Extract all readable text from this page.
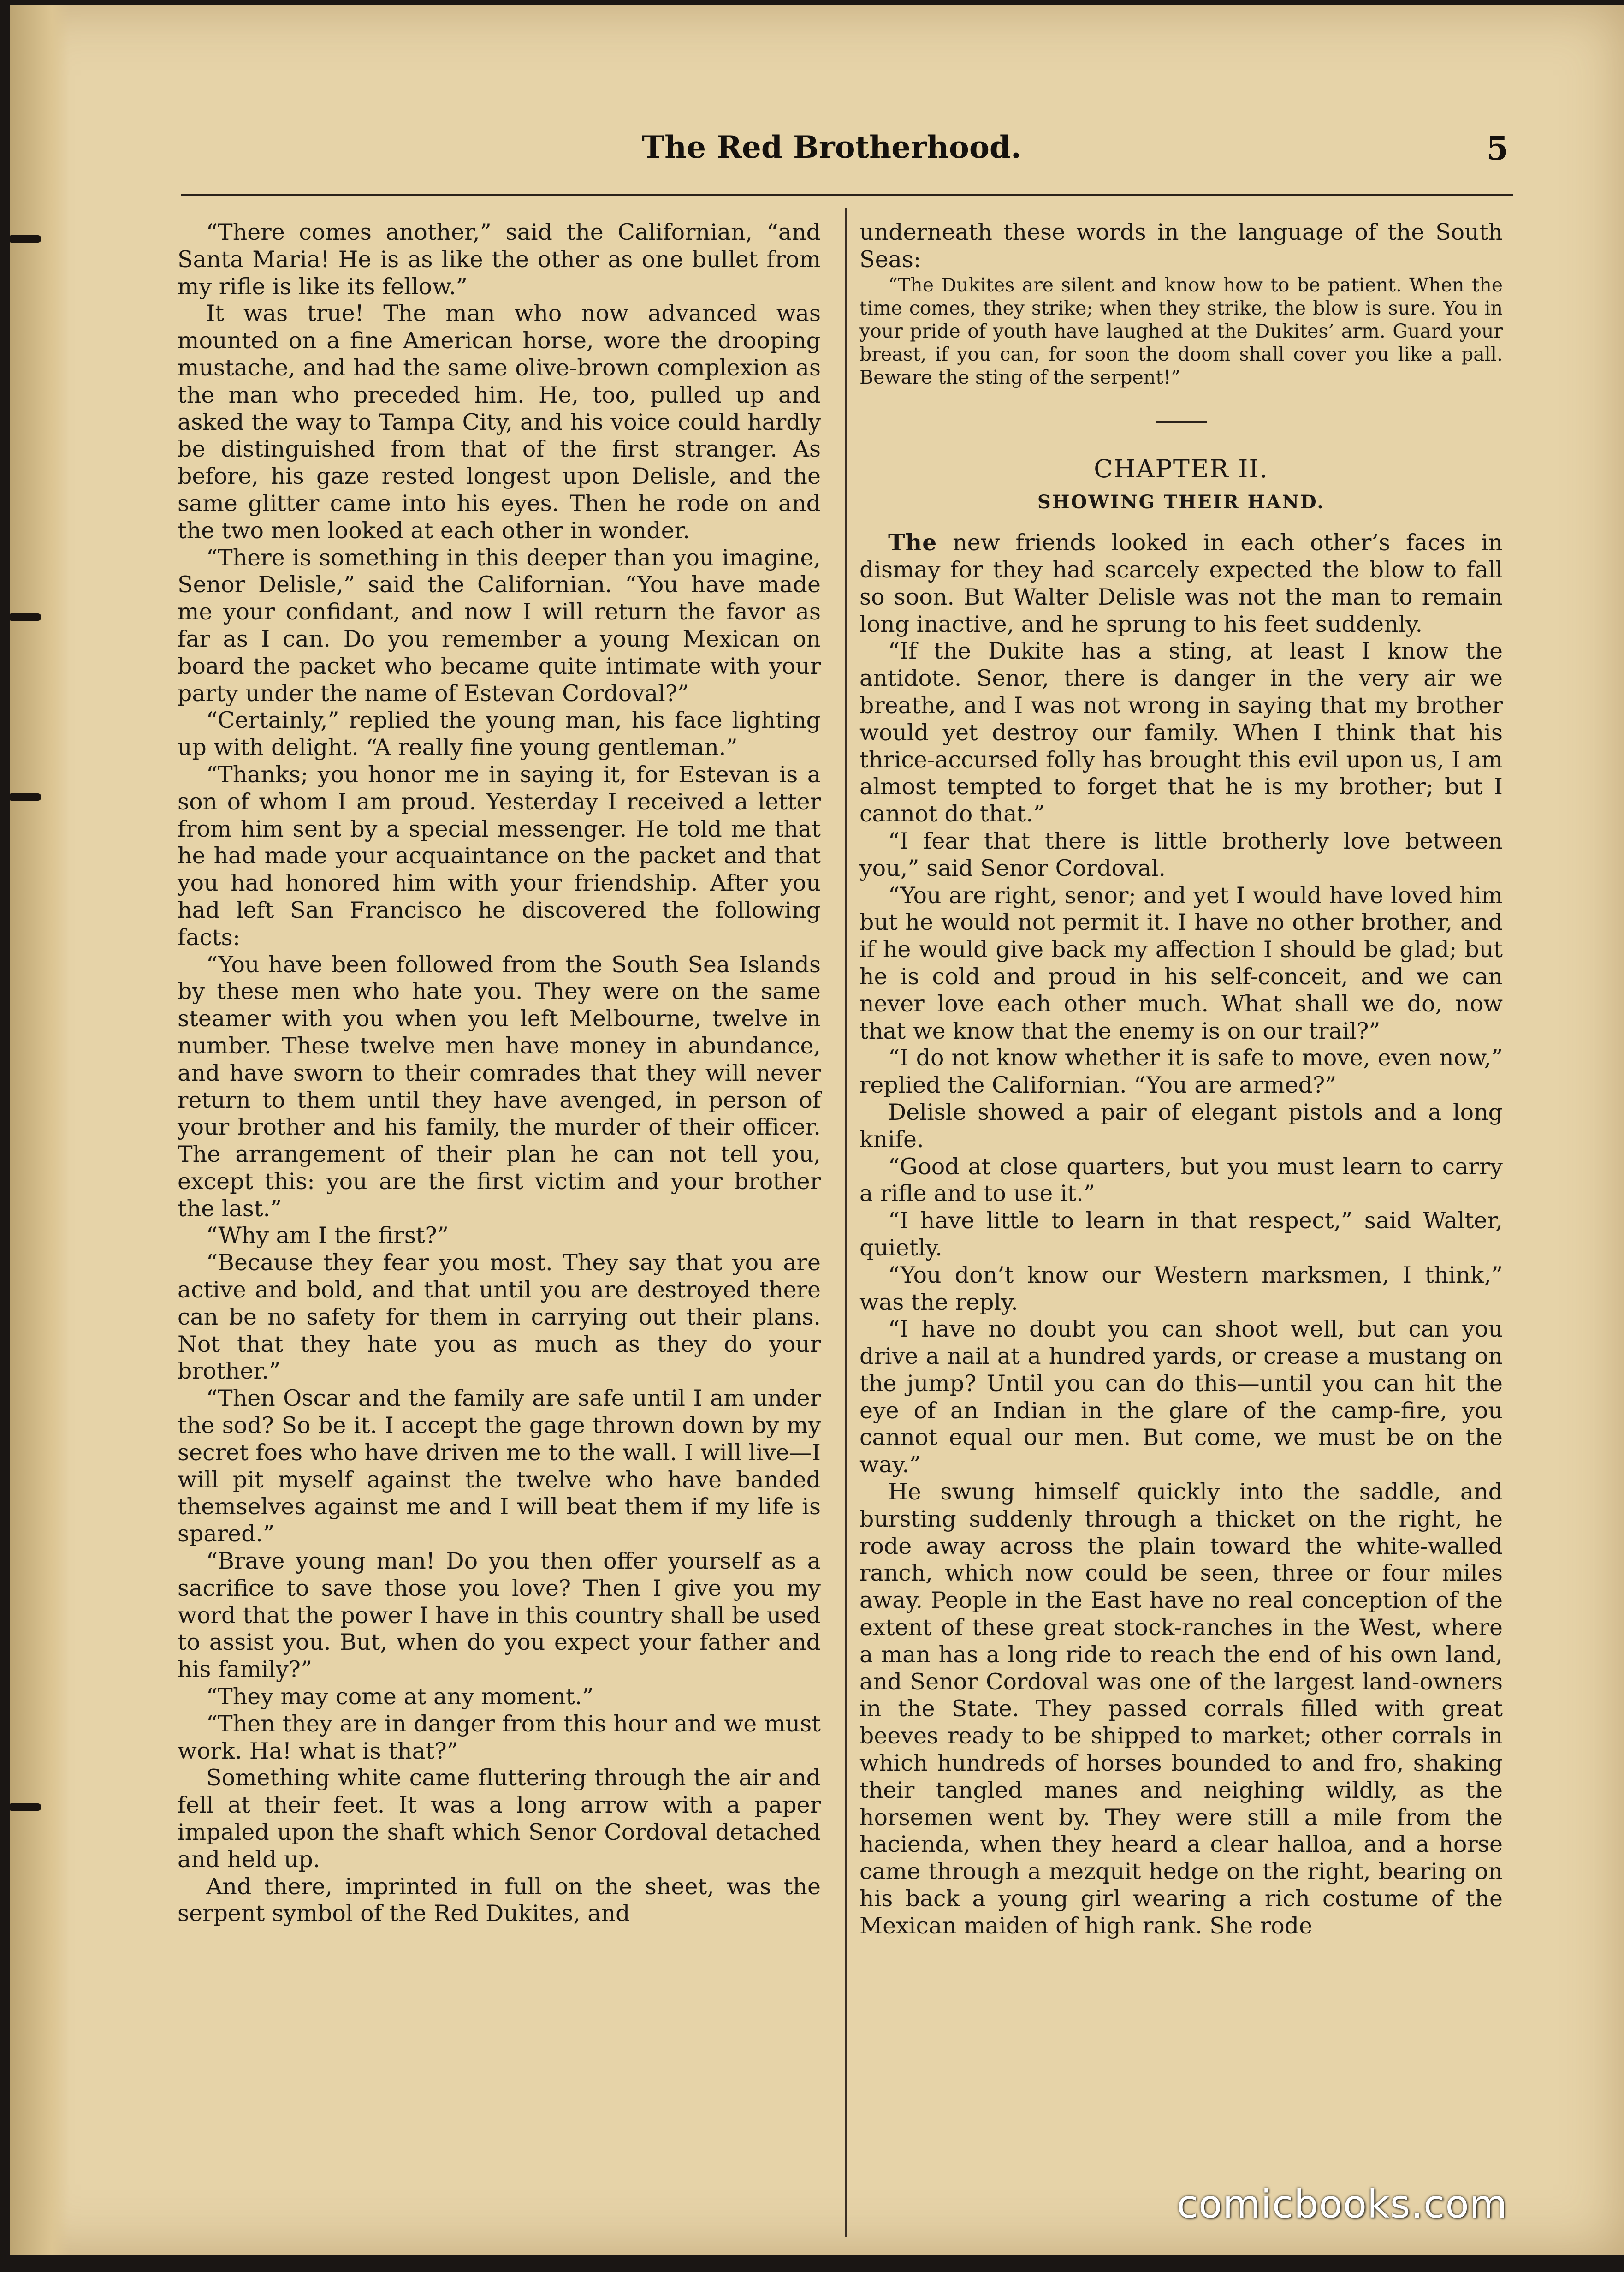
The Red Brotherhood.	5

“There comes another,” said the Californian, “and Santa Maria! He is as like the other as one bullet from my rifle is like its fellow.”

It was true! The man who now advanced was mounted on a fine American horse, wore the drooping mustache, and had the same olive-brown complexion as the man who preceded him. He, too, pulled up and asked the way to Tampa City, and his voice could hardly be distinguished from that of the first stranger. As before, his gaze rested longest upon Delisle, and the same glitter came into his eyes. Then he rode on and the two men looked at each other in wonder.

“There is something in this deeper than you imagine, Senor Delisle,” said the Californian. “You have made me your confidant, and now I will return the favor as far as I can. Do you remember a young Mexican on board the packet who became quite intimate with your party under the name of Estevan Cordoval?”

“Certainly,” replied the young man, his face lighting up with delight. “A really fine young gentleman.”

“Thanks; you honor me in saying it, for Estevan is a son of whom I am proud. Yesterday I received a letter from him sent by a special messenger. He told me that he had made your acquaintance on the packet and that you had honored him with your friendship. After you had left San Francisco he discovered the following facts:

“You have been followed from the South Sea Islands by these men who hate you. They were on the same steamer with you when you left Melbourne, twelve in number. These twelve men have money in abundance, and have sworn to their comrades that they will never return to them until they have avenged, in person of your brother and his family, the murder of their officer. The arrangement of their plan he can not tell you, except this: you are the first victim and your brother the last.”

“Why am I the first?”

“Because they fear you most. They say that you are active and bold, and that until you are destroyed there can be no safety for them in carrying out their plans. Not that they hate you as much as they do your brother.”

“Then Oscar and the family are safe until I am under the sod? So be it. I accept the gage thrown down by my secret foes who have driven me to the wall. I will live—I will pit myself against the twelve who have banded themselves against me and I will beat them if my life is spared.”

“Brave young man! Do you then offer yourself as a sacrifice to save those you love? Then I give you my word that the power I have in this country shall be used to assist you. But, when do you expect your father and his family?”

“They may come at any moment.”

“Then they are in danger from this hour and we must work. Ha! what is that?”

Something white came fluttering through the air and fell at their feet. It was a long arrow with a paper impaled upon the shaft which Senor Cordoval detached and held up.

And there, imprinted in full on the sheet, was the serpent symbol of the Red Dukites, and

underneath these words in the language of the South Seas:

“The Dukites are silent and know how to be patient. When the time comes, they strike; when they strike, the blow is sure. You in your pride of youth have laughed at the Dukites’ arm. Guard your breast, if you can, for soon the doom shall cover you like a pall. Beware the sting of the serpent!”

CHAPTER II.
SHOWING THEIR HAND.

The new friends looked in each other’s faces in dismay for they had scarcely expected the blow to fall so soon. But Walter Delisle was not the man to remain long inactive, and he sprung to his feet suddenly.

“If the Dukite has a sting, at least I know the antidote. Senor, there is danger in the very air we breathe, and I was not wrong in saying that my brother would yet destroy our family. When I think that his thrice-accursed folly has brought this evil upon us, I am almost tempted to forget that he is my brother; but I cannot do that.”

“I fear that there is little brotherly love between you,” said Senor Cordoval.

“You are right, senor; and yet I would have loved him but he would not permit it. I have no other brother, and if he would give back my affection I should be glad; but he is cold and proud in his self-conceit, and we can never love each other much. What shall we do, now that we know that the enemy is on our trail?”

“I do not know whether it is safe to move, even now,” replied the Californian. “You are armed?”

Delisle showed a pair of elegant pistols and a long knife.

“Good at close quarters, but you must learn to carry a rifle and to use it.”

“I have little to learn in that respect,” said Walter, quietly.

“You don’t know our Western marksmen, I think,” was the reply.

“I have no doubt you can shoot well, but can you drive a nail at a hundred yards, or crease a mustang on the jump? Until you can do this—until you can hit the eye of an Indian in the glare of the camp-fire, you cannot equal our men. But come, we must be on the way.”

He swung himself quickly into the saddle, and bursting suddenly through a thicket on the right, he rode away across the plain toward the white-walled ranch, which now could be seen, three or four miles away. People in the East have no real conception of the extent of these great stock-ranches in the West, where a man has a long ride to reach the end of his own land, and Senor Cordoval was one of the largest land-owners in the State. They passed corrals filled with great beeves ready to be shipped to market; other corrals in which hundreds of horses bounded to and fro, shaking their tangled manes and neighing wildly, as the horsemen went by. They were still a mile from the hacienda, when they heard a clear halloa, and a horse came through a mezquit hedge on the right, bearing on his back a young girl wearing a rich costume of the Mexican maiden of high rank. She rode

comicbooks.com
